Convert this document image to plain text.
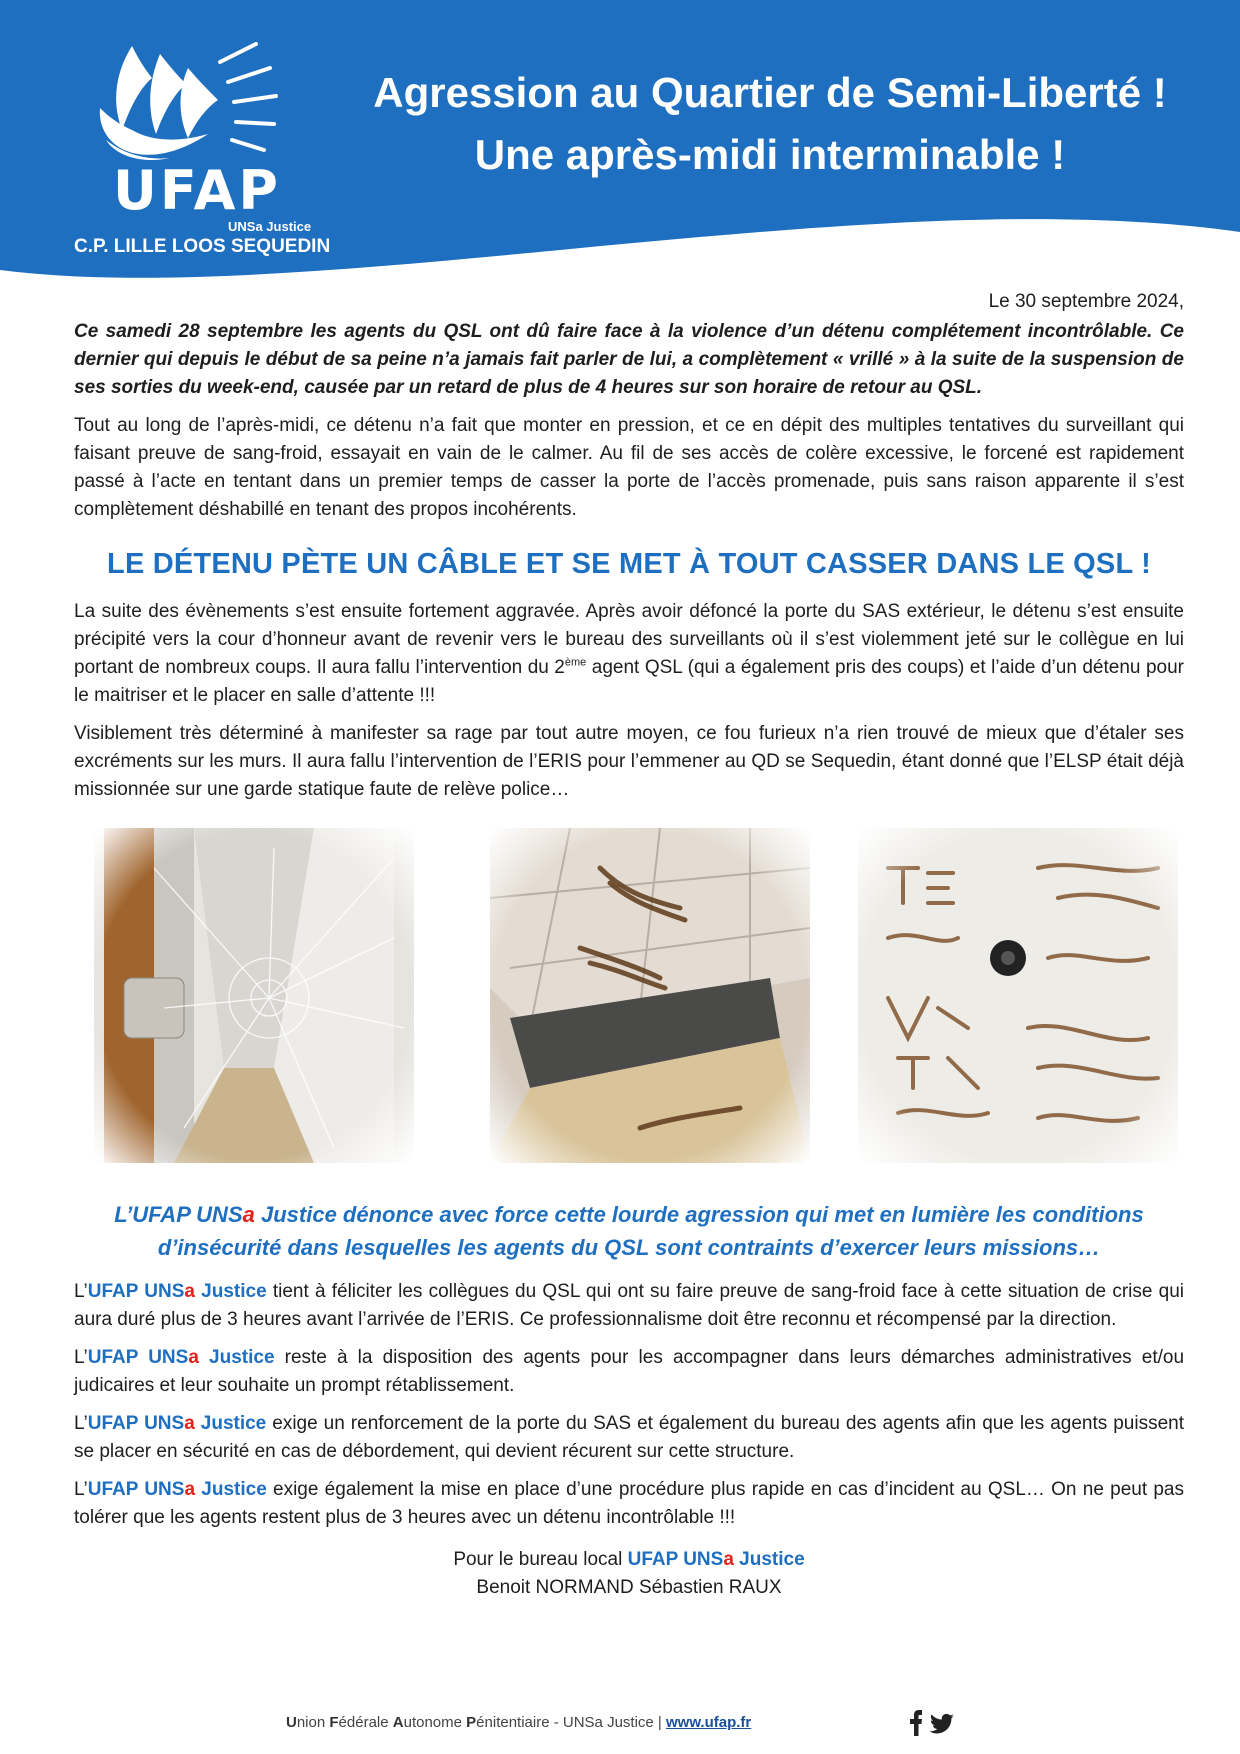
UFAP
UNSa Justice
C.P. LILLE LOOS SEQUEDIN
Agression au Quartier de Semi-Liberté !
Une après-midi interminable !

Le 30 septembre 2024,

Ce samedi 28 septembre les agents du QSL ont dû faire face à la violence d’un détenu complétement incontrôlable. Ce dernier qui depuis le début de sa peine n’a jamais fait parler de lui, a complètement « vrillé » à la suite de la suspension de ses sorties du week-end, causée par un retard de plus de 4 heures sur son horaire de retour au QSL.

Tout au long de l’après-midi, ce détenu n’a fait que monter en pression, et ce en dépit des multiples tentatives du surveillant qui faisant preuve de sang-froid, essayait en vain de le calmer. Au fil de ses accès de colère excessive, le forcené est rapidement passé à l’acte en tentant dans un premier temps de casser la porte de l’accès promenade, puis sans raison apparente il s’est complètement déshabillé en tenant des propos incohérents.

LE DÉTENU PÈTE UN CÂBLE ET SE MET À TOUT CASSER DANS LE QSL !

La suite des évènements s’est ensuite fortement aggravée. Après avoir défoncé la porte du SAS extérieur, le détenu s’est ensuite précipité vers la cour d’honneur avant de revenir vers le bureau des surveillants où il s’est violemment jeté sur le collègue en lui portant de nombreux coups. Il aura fallu l’intervention du 2ème agent QSL (qui a également pris des coups) et l’aide d’un détenu pour le maitriser et le placer en salle d’attente !!!

Visiblement très déterminé à manifester sa rage par tout autre moyen, ce fou furieux n’a rien trouvé de mieux que d’étaler ses excréments sur les murs. Il aura fallu l’intervention de l’ERIS pour l’emmener au QD se Sequedin, étant donné que l’ELSP était déjà missionnée sur une garde statique faute de relève police…

L’UFAP UNSa Justice dénonce avec force cette lourde agression qui met en lumière les conditions d’insécurité dans lesquelles les agents du QSL sont contraints d’exercer leurs missions…

L’UFAP UNSa Justice tient à féliciter les collègues du QSL qui ont su faire preuve de sang-froid face à cette situation de crise qui aura duré plus de 3 heures avant l’arrivée de l’ERIS. Ce professionnalisme doit être reconnu et récompensé par la direction.

L’UFAP UNSa Justice reste à la disposition des agents pour les accompagner dans leurs démarches administratives et/ou judicaires et leur souhaite un prompt rétablissement.

L’UFAP UNSa Justice exige un renforcement de la porte du SAS et également du bureau des agents afin que les agents puissent se placer en sécurité en cas de débordement, qui devient récurent sur cette structure.

L’UFAP UNSa Justice exige également la mise en place d’une procédure plus rapide en cas d’incident au QSL… On ne peut pas tolérer que les agents restent plus de 3 heures avec un détenu incontrôlable !!!

Pour le bureau local UFAP UNSa Justice
Benoit NORMAND Sébastien RAUX
Union Fédérale Autonome Pénitentiaire - UNSa Justice | www.ufap.fr
